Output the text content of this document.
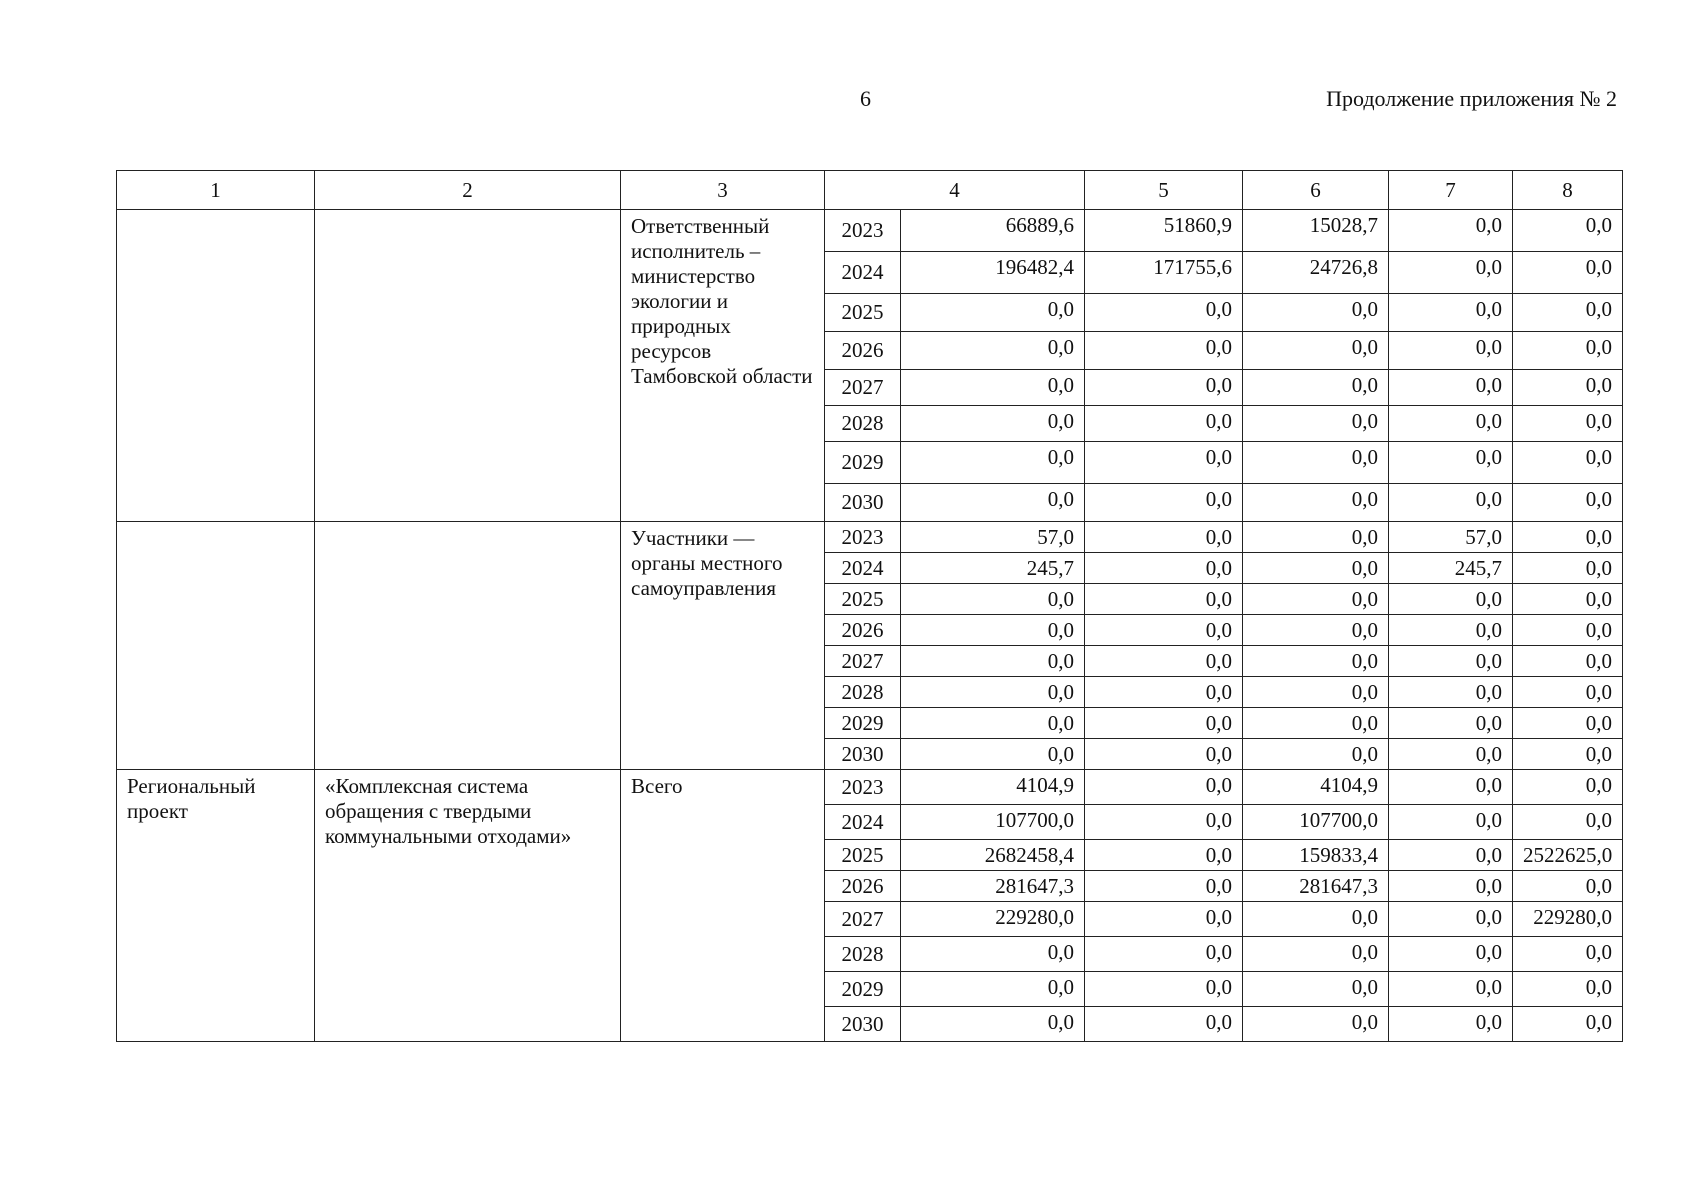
6	Продолжение приложения № 2
1	2	3	4		5	6	7	8
		Ответственный исполнитель – министерство экологии и природных ресурсов Тамбовской области	2023	66889,6	51860,9	15028,7	0,0	0,0
			2024	196482,4	171755,6	24726,8	0,0	0,0
			2025	0,0	0,0	0,0	0,0	0,0
			2026	0,0	0,0	0,0	0,0	0,0
			2027	0,0	0,0	0,0	0,0	0,0
			2028	0,0	0,0	0,0	0,0	0,0
			2029	0,0	0,0	0,0	0,0	0,0
			2030	0,0	0,0	0,0	0,0	0,0
		Участники — органы местного самоуправления	2023	57,0	0,0	0,0	57,0	0,0
			2024	245,7	0,0	0,0	245,7	0,0
			2025	0,0	0,0	0,0	0,0	0,0
			2026	0,0	0,0	0,0	0,0	0,0
			2027	0,0	0,0	0,0	0,0	0,0
			2028	0,0	0,0	0,0	0,0	0,0
			2029	0,0	0,0	0,0	0,0	0,0
			2030	0,0	0,0	0,0	0,0	0,0
Региональный проект	«Комплексная система обращения с твердыми коммунальными отходами»	Всего	2023	4104,9	0,0	4104,9	0,0	0,0
			2024	107700,0	0,0	107700,0	0,0	0,0
			2025	2682458,4	0,0	159833,4	0,0	2522625,0
			2026	281647,3	0,0	281647,3	0,0	0,0
			2027	229280,0	0,0	0,0	0,0	229280,0
			2028	0,0	0,0	0,0	0,0	0,0
			2029	0,0	0,0	0,0	0,0	0,0
			2030	0,0	0,0	0,0	0,0	0,0
